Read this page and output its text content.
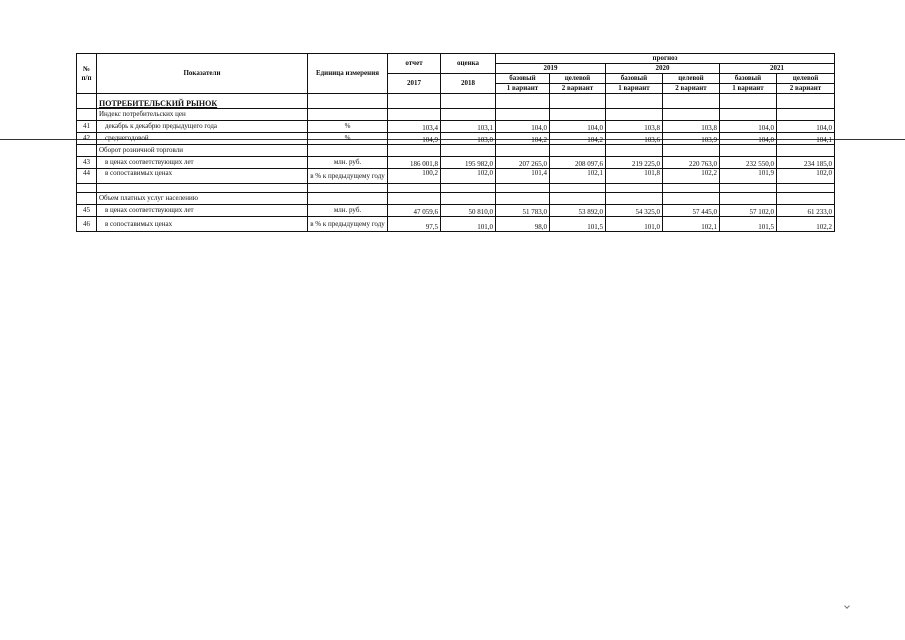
№
п/п	Показатели	Единица измерения	отчет	оценка	прогноз					
					2019		2020		2021	
			2017	2018	базовый	целевой	базовый	целевой	базовый	целевой
					1 вариант	2 вариант	1 вариант	2 вариант	1 вариант	2 вариант
	ПОТРЕБИТЕЛЬСКИЙ РЫНОК									
	Индекс потребительских цен									
41	декабрь к декабрю предыдущего года	%	103,4	103,1	104,0	104,0	103,8	103,8	104,0	104,0
42	среднегодовой	%	104,9	103,0	104,2	104,2	103,6	103,9	104,0	104,1
	Оборот розничной торговли									
43	в ценах соответствующих лет	млн. руб.	186 001,8	195 982,0	207 265,0	208 097,6	219 225,0	220 763,0	232 550,0	234 185,0
44	в сопоставимых ценах	в % к предыдущему году	100,2	102,0	101,4	102,1	101,8	102,2	101,9	102,0

	Объем платных услуг населению									
45	в ценах соответствующих лет	млн. руб.	47 059,6	50 810,0	51 783,0	53 892,0	54 325,0	57 445,0	57 102,0	61 233,0
46	в сопоставимых ценах	в % к предыдущему году	97,5	101,0	98,0	101,5	101,0	102,1	101,5	102,2
